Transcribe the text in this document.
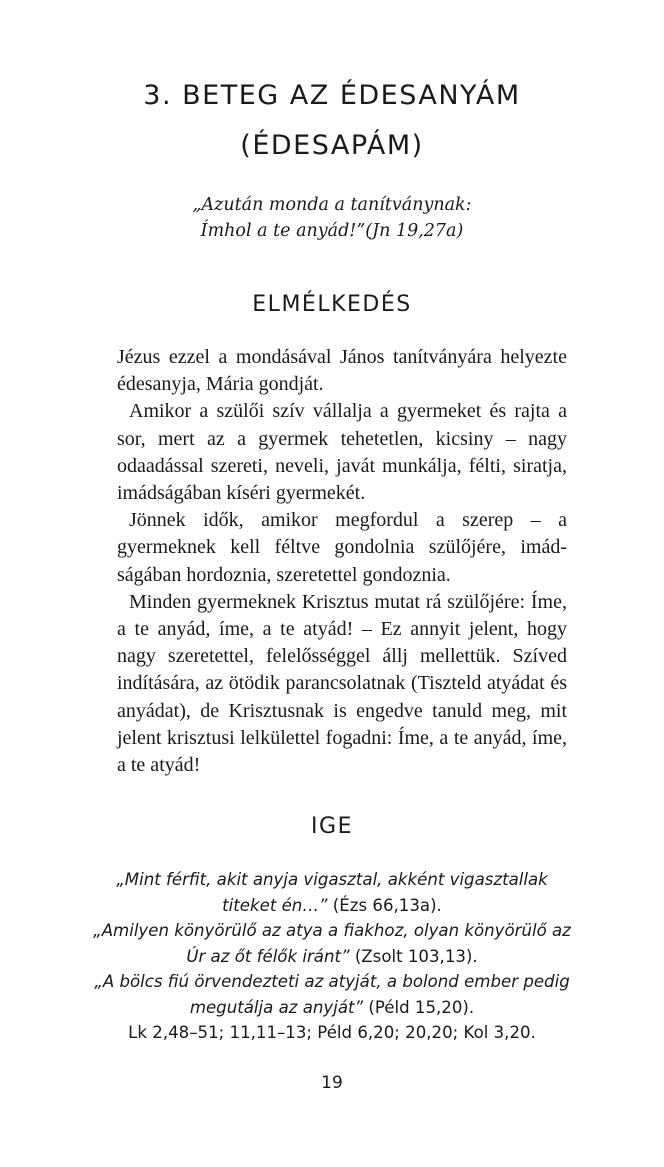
3. BETEG AZ ÉDESANYÁM
(ÉDESAPÁM)
„Azután monda a tanítványnak:
Ímhol a te anyád!”(Jn 19,27a)
ELMÉLKEDÉS

Jézus ezzel a mondásával János tanítványára helyezte édesanyja, Mária gondját.

Amikor a szülői szív vállalja a gyermeket és rajta a sor, mert az a gyermek tehetetlen, kicsiny – nagy odaadással szereti, neveli, javát munkálja, félti, siratja, imádságában kíséri gyermekét.

Jönnek idők, amikor megfordul a szerep – a gyermeknek kell féltve gondolnia szülőjére, imádságában hordoznia, szeretettel gondoznia.

Minden gyermeknek Krisztus mutat rá szülőjére: Íme, a te anyád, íme, a te atyád! – Ez annyit jelent, hogy nagy szeretettel, felelősséggel állj mellettük. Szíved indítására, az ötödik parancsolatnak (Tiszteld atyádat és anyádat), de Krisztusnak is engedve tanuld meg, mit jelent krisztusi lelkülettel fogadni: Íme, a te anyád, íme, a te atyád!

IGE
„Mint férfit, akit anyja vigasztal, akként vigasztallak titeket én…” (Ézs 66,13a).
„Amilyen könyörülő az atya a fiakhoz, olyan könyörülő az Úr az őt félők iránt” (Zsolt 103,13).
„A bölcs fiú örvendezteti az atyját, a bolond ember pedig megutálja az anyját” (Péld 15,20).
Lk 2,48–51; 11,11–13; Péld 6,20; 20,20; Kol 3,20.
19
